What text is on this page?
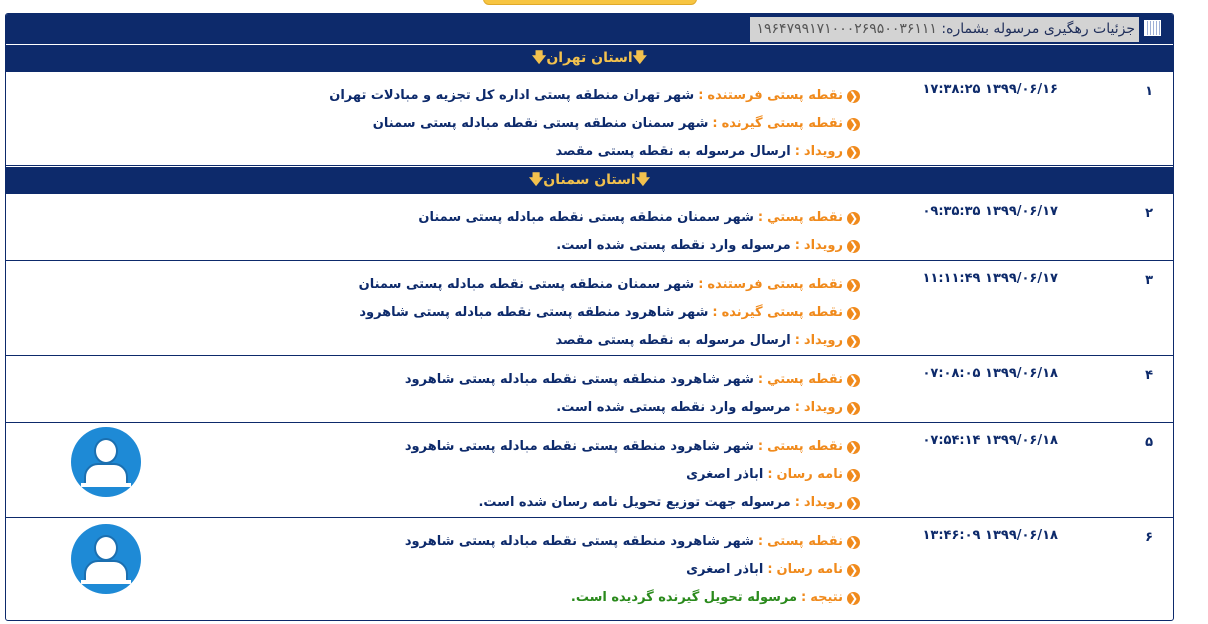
جزئیات رهگیری مرسوله بشماره: ۱۹۶۴۷۹۹۱۷۱۰۰۰۲۶۹۵۰۰۳۶۱۱۱
🡇استان تهران🡇
۱
۱۳۹۹/۰۶/۱۶ ۱۷:۳۸:۲۵
❮
نقطه پستی فرستنده
:
شهر تهران منطقه پستی اداره کل تجزیه و مبادلات تهران
❮
نقطه پستی گیرنده
:
شهر سمنان منطقه پستی نقطه مبادله پستی سمنان
❮
رویداد
:
ارسال مرسوله به نقطه پستی مقصد
🡇استان سمنان🡇
۲
۱۳۹۹/۰۶/۱۷ ۰۹:۳۵:۳۵
❮
نقطه پستي
:
شهر سمنان منطقه پستی نقطه مبادله پستی سمنان
❮
رویداد
:
مرسوله وارد نقطه پستی شده است.
۳
۱۳۹۹/۰۶/۱۷ ۱۱:۱۱:۴۹
❮
نقطه پستی فرستنده
:
شهر سمنان منطقه پستی نقطه مبادله پستی سمنان
❮
نقطه پستی گیرنده
:
شهر شاهرود منطقه پستی نقطه مبادله پستی شاهرود
❮
رویداد
:
ارسال مرسوله به نقطه پستی مقصد
۴
۱۳۹۹/۰۶/۱۸ ۰۷:۰۸:۰۵
❮
نقطه پستي
:
شهر شاهرود منطقه پستی نقطه مبادله پستی شاهرود
❮
رویداد
:
مرسوله وارد نقطه پستی شده است.
۵
۱۳۹۹/۰۶/۱۸ ۰۷:۵۴:۱۴
❮
نقطه پستی
:
شهر شاهرود منطقه پستی نقطه مبادله پستی شاهرود
❮
نامه رسان
:
اباذر اصغری
❮
رویداد
:
مرسوله جهت توزیع تحویل نامه رسان شده است.
۶
۱۳۹۹/۰۶/۱۸ ۱۳:۴۶:۰۹
❮
نقطه پستی
:
شهر شاهرود منطقه پستی نقطه مبادله پستی شاهرود
❮
نامه رسان
:
اباذر اصغری
❮
نتیجه
:
مرسوله تحویل گیرنده گردیده است.
